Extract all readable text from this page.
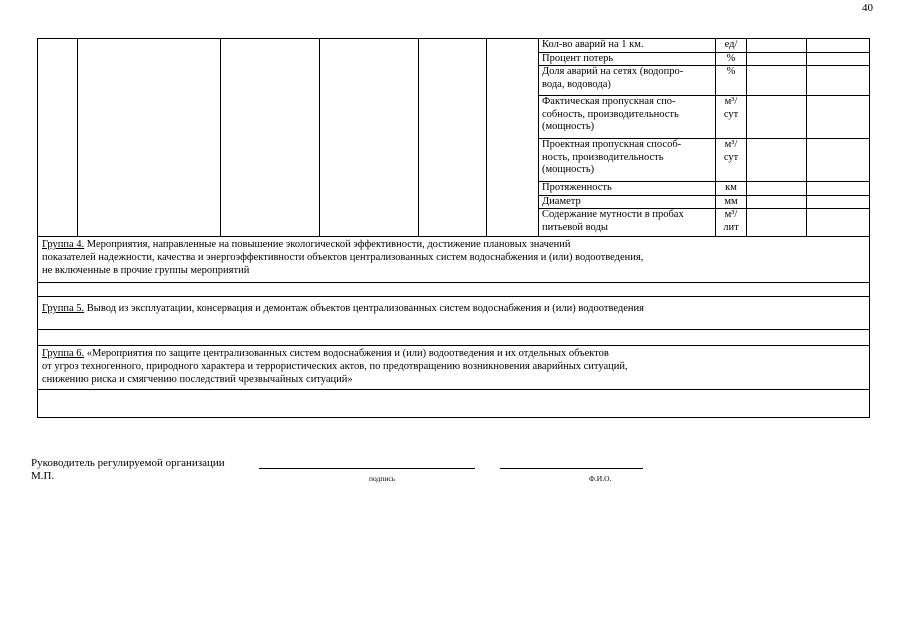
40
						Кол-во аварий на 1 км.	ед/		
						Процент потерь	%		
						Доля аварий на сетях (водопро-
вода, водовода)	%		
						Фактическая пропускная спо-
собность, производительность
(мощность)	м³/
сут		
						Проектная пропускная способ-
ность, производительность
(мощность)	м³/
сут		
						Протяженность	км		
						Диаметр	мм		
						Содержание мутности в пробах
питьевой воды	м³/
лит		
Группа 4. Мероприятия, направленные на повышение экологической эффективности, достижение плановых значений
показателей надежности, качества и энергоэффективности объектов централизованных систем водоснабжения и (или) водоотведения,
не включенные в прочие группы мероприятий									

Группа 5. Вывод из эксплуатации, консервация и демонтаж объектов централизованных систем водоснабжения и (или) водоотведения									

Группа 6. «Мероприятия по защите централизованных систем водоснабжения и (или) водоотведения и их отдельных объектов
от угроз техногенного, природного характера и террористических актов, по предотвращению возникновения аварийных ситуаций,
снижению риска и смягчению последствий чрезвычайных ситуаций»									

Руководитель регулируемой организации
М.П.	подпись	Ф.И.О.
